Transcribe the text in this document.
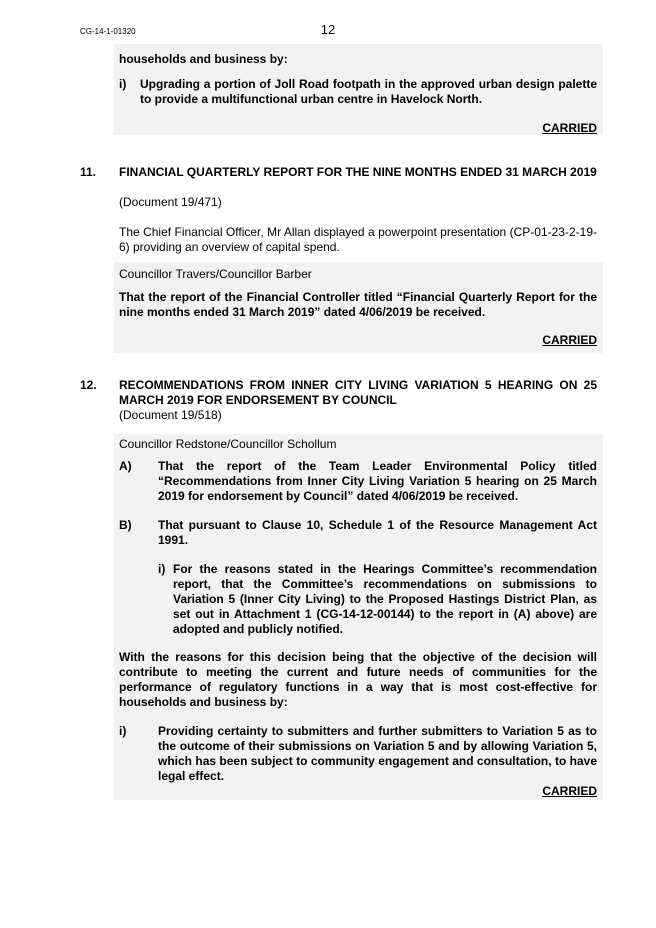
CG-14-1-01320	12
households and business by:
i) Upgrading a portion of Joll Road footpath in the approved urban design palette to provide a multifunctional urban centre in Havelock North.
CARRIED
11. FINANCIAL QUARTERLY REPORT FOR THE NINE MONTHS ENDED 31 MARCH 2019
(Document 19/471)
The Chief Financial Officer, Mr Allan displayed a powerpoint presentation (CP-01-23-2-19-6) providing an overview of capital spend.
Councillor Travers/Councillor Barber
That the report of the Financial Controller titled “Financial Quarterly Report for the nine months ended 31 March 2019” dated 4/06/2019 be received.
CARRIED
12. RECOMMENDATIONS FROM INNER CITY LIVING VARIATION 5 HEARING ON 25 MARCH 2019 FOR ENDORSEMENT BY COUNCIL
(Document 19/518)
Councillor Redstone/Councillor Schollum
A) That the report of the Team Leader Environmental Policy titled “Recommendations from Inner City Living Variation 5 hearing on 25 March 2019 for endorsement by Council” dated 4/06/2019 be received.
B) That pursuant to Clause 10, Schedule 1 of the Resource Management Act 1991.
i) For the reasons stated in the Hearings Committee’s recommendation report, that the Committee’s recommendations on submissions to Variation 5 (Inner City Living) to the Proposed Hastings District Plan, as set out in Attachment 1 (CG-14-12-00144) to the report in (A) above) are adopted and publicly notified.
With the reasons for this decision being that the objective of the decision will contribute to meeting the current and future needs of communities for the performance of regulatory functions in a way that is most cost-effective for households and business by:
i)	Providing certainty to submitters and further submitters to Variation 5 as to the outcome of their submissions on Variation 5 and by allowing Variation 5, which has been subject to community engagement and consultation, to have legal effect.
CARRIED
